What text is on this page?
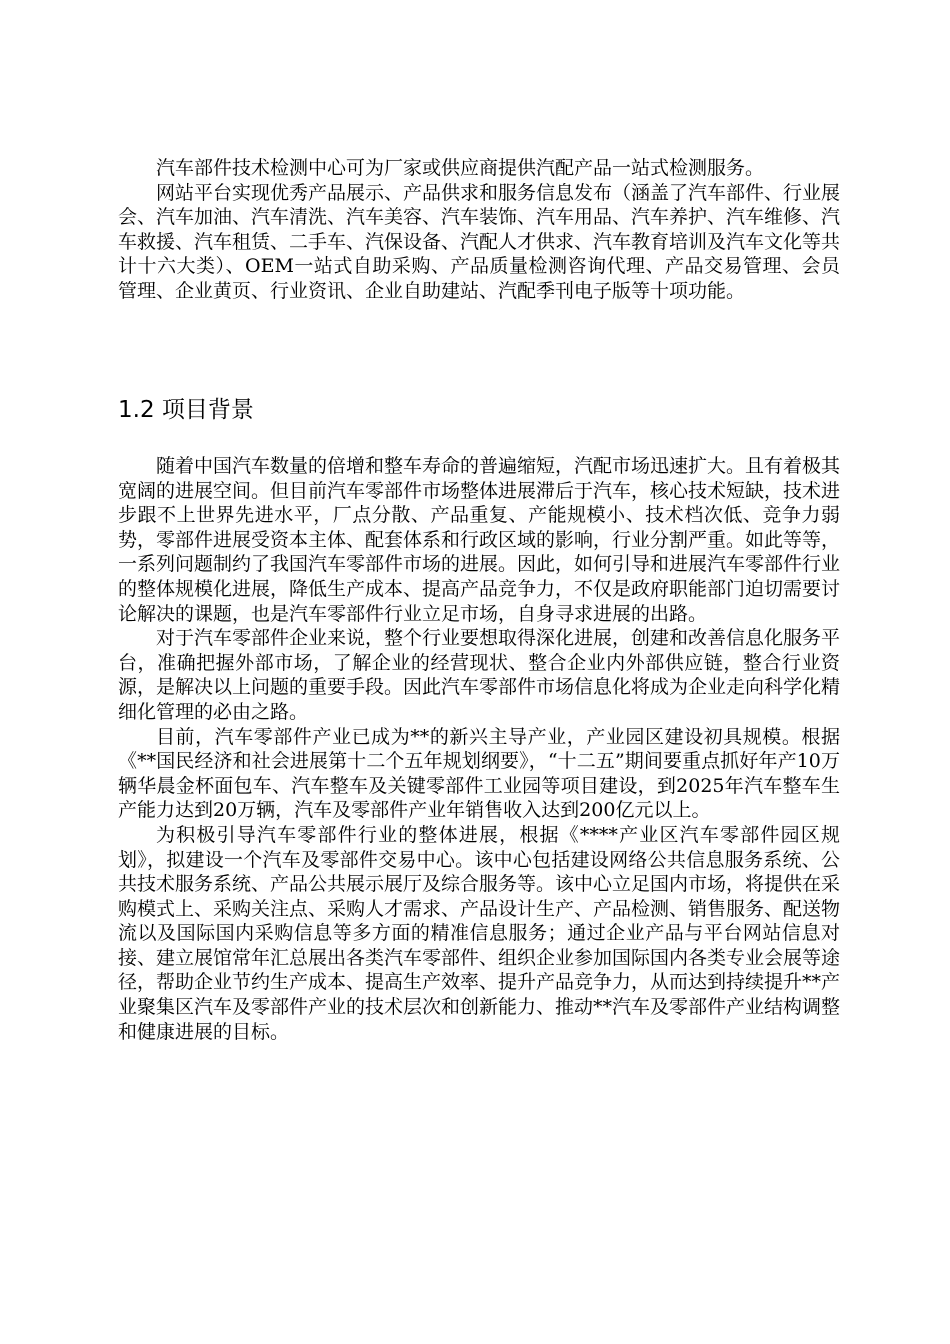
汽车部件技术检测中心可为厂家或供应商提供汽配产品一站式检测服务。

网站平台实现优秀产品展示、产品供求和服务信息发布（涵盖了汽车部件、行业展会、汽车加油、汽车清洗、汽车美容、汽车装饰、汽车用品、汽车养护、汽车维修、汽车救援、汽车租赁、二手车、汽保设备、汽配人才供求、汽车教育培训及汽车文化等共计十六大类）、OEM一站式自助采购、产品质量检测咨询代理、产品交易管理、会员管理、企业黄页、行业资讯、企业自助建站、汽配季刊电子版等十项功能。

1.2 项目背景

随着中国汽车数量的倍增和整车寿命的普遍缩短，汽配市场迅速扩大。且有着极其宽阔的进展空间。但目前汽车零部件市场整体进展滞后于汽车，核心技术短缺，技术进步跟不上世界先进水平，厂点分散、产品重复、产能规模小、技术档次低、竞争力弱势，零部件进展受资本主体、配套体系和行政区域的影响，行业分割严重。如此等等，一系列问题制约了我国汽车零部件市场的进展。因此，如何引导和进展汽车零部件行业的整体规模化进展，降低生产成本、提高产品竞争力，不仅是政府职能部门迫切需要讨论解决的课题，也是汽车零部件行业立足市场，自身寻求进展的出路。

对于汽车零部件企业来说，整个行业要想取得深化进展，创建和改善信息化服务平台，准确把握外部市场，了解企业的经营现状、整合企业内外部供应链，整合行业资源，是解决以上问题的重要手段。因此汽车零部件市场信息化将成为企业走向科学化精细化管理的必由之路。

目前，汽车零部件产业已成为**的新兴主导产业，产业园区建设初具规模。根据《**国民经济和社会进展第十二个五年规划纲要》，“十二五”期间要重点抓好年产10万辆华晨金杯面包车、汽车整车及关键零部件工业园等项目建设，到2025年汽车整车生产能力达到20万辆，汽车及零部件产业年销售收入达到200亿元以上。

为积极引导汽车零部件行业的整体进展，根据《****产业区汽车零部件园区规划》，拟建设一个汽车及零部件交易中心。该中心包括建设网络公共信息服务系统、公共技术服务系统、产品公共展示展厅及综合服务等。该中心立足国内市场，将提供在采购模式上、采购关注点、采购人才需求、产品设计生产、产品检测、销售服务、配送物流以及国际国内采购信息等多方面的精准信息服务；通过企业产品与平台网站信息对接、建立展馆常年汇总展出各类汽车零部件、组织企业参加国际国内各类专业会展等途径，帮助企业节约生产成本、提高生产效率、提升产品竞争力，从而达到持续提升**产业聚集区汽车及零部件产业的技术层次和创新能力、推动**汽车及零部件产业结构调整和健康进展的目标。
